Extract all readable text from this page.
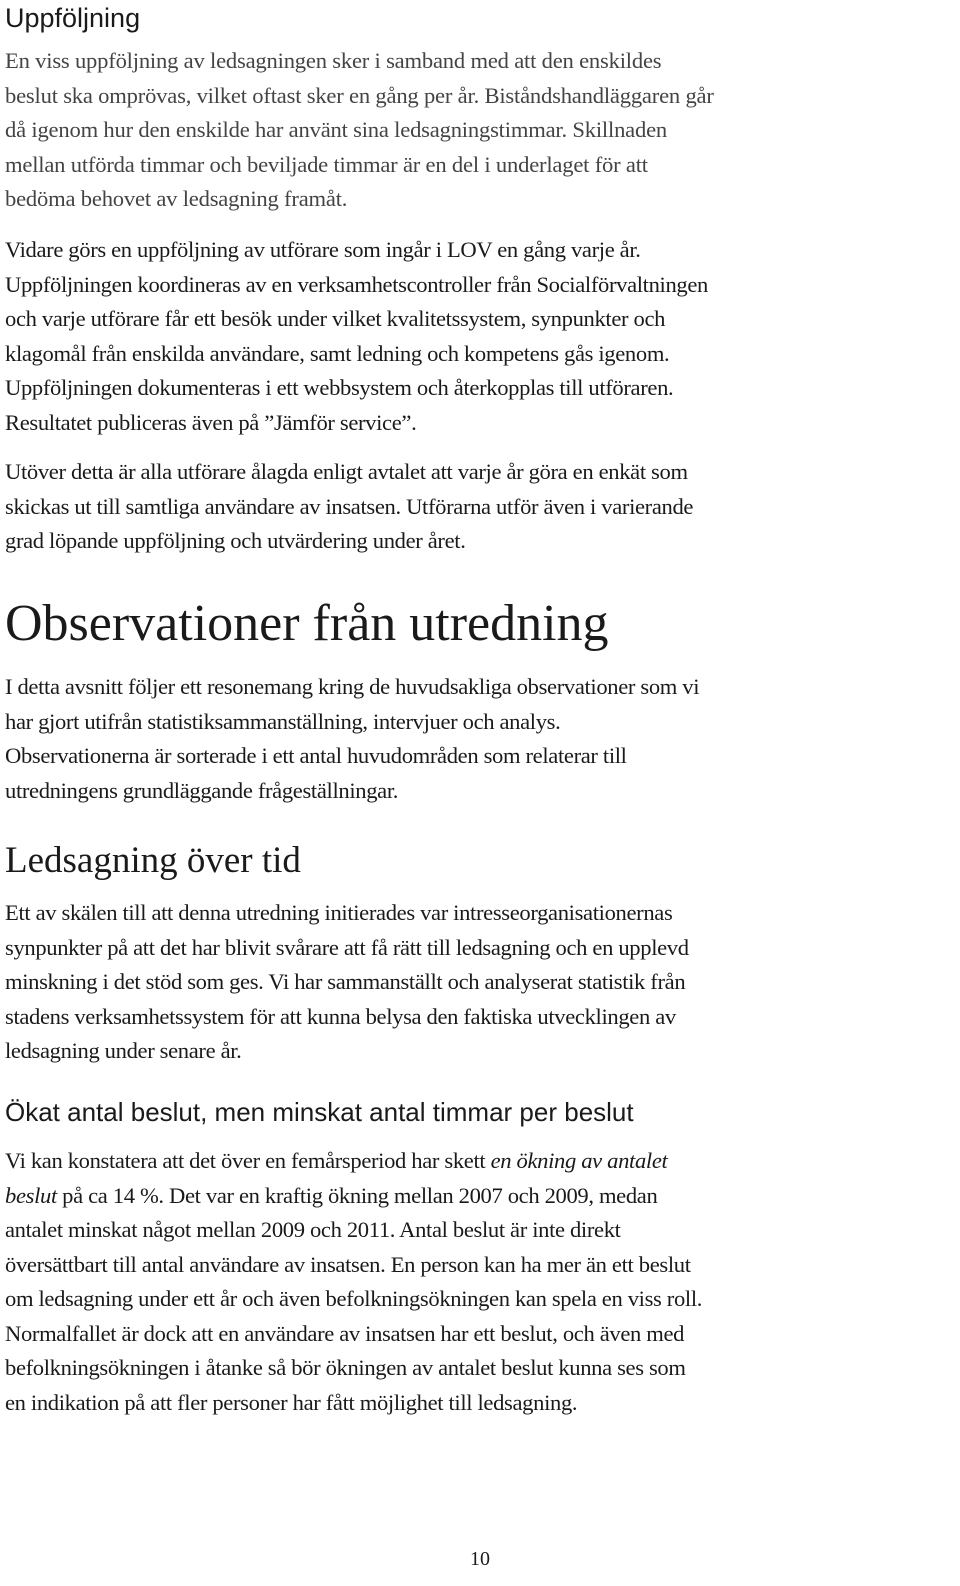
Uppföljning

En viss uppföljning av ledsagningen sker i samband med att den enskildes
beslut ska omprövas, vilket oftast sker en gång per år. Biståndshandläggaren går
då igenom hur den enskilde har använt sina ledsagningstimmar. Skillnaden
mellan utförda timmar och beviljade timmar är en del i underlaget för att
bedöma behovet av ledsagning framåt.

Vidare görs en uppföljning av utförare som ingår i LOV en gång varje år.
Uppföljningen koordineras av en verksamhetscontroller från Socialförvaltningen
och varje utförare får ett besök under vilket kvalitetssystem, synpunkter och
klagomål från enskilda användare, samt ledning och kompetens gås igenom.
Uppföljningen dokumenteras i ett webbsystem och återkopplas till utföraren.
Resultatet publiceras även på ”Jämför service”.

Utöver detta är alla utförare ålagda enligt avtalet att varje år göra en enkät som
skickas ut till samtliga användare av insatsen. Utförarna utför även i varierande
grad löpande uppföljning och utvärdering under året.

Observationer från utredning

I detta avsnitt följer ett resonemang kring de huvudsakliga observationer som vi
har gjort utifrån statistiksammanställning, intervjuer och analys.
Observationerna är sorterade i ett antal huvudområden som relaterar till
utredningens grundläggande frågeställningar.

Ledsagning över tid

Ett av skälen till att denna utredning initierades var intresseorganisationernas
synpunkter på att det har blivit svårare att få rätt till ledsagning och en upplevd
minskning i det stöd som ges. Vi har sammanställt och analyserat statistik från
stadens verksamhetssystem för att kunna belysa den faktiska utvecklingen av
ledsagning under senare år.

Ökat antal beslut, men minskat antal timmar per beslut

Vi kan konstatera att det över en femårsperiod har skett en ökning av antalet
beslut på ca 14 %. Det var en kraftig ökning mellan 2007 och 2009, medan
antalet minskat något mellan 2009 och 2011. Antal beslut är inte direkt
översättbart till antal användare av insatsen. En person kan ha mer än ett beslut
om ledsagning under ett år och även befolkningsökningen kan spela en viss roll.
Normalfallet är dock att en användare av insatsen har ett beslut, och även med
befolkningsökningen i åtanke så bör ökningen av antalet beslut kunna ses som
en indikation på att fler personer har fått möjlighet till ledsagning.

10
